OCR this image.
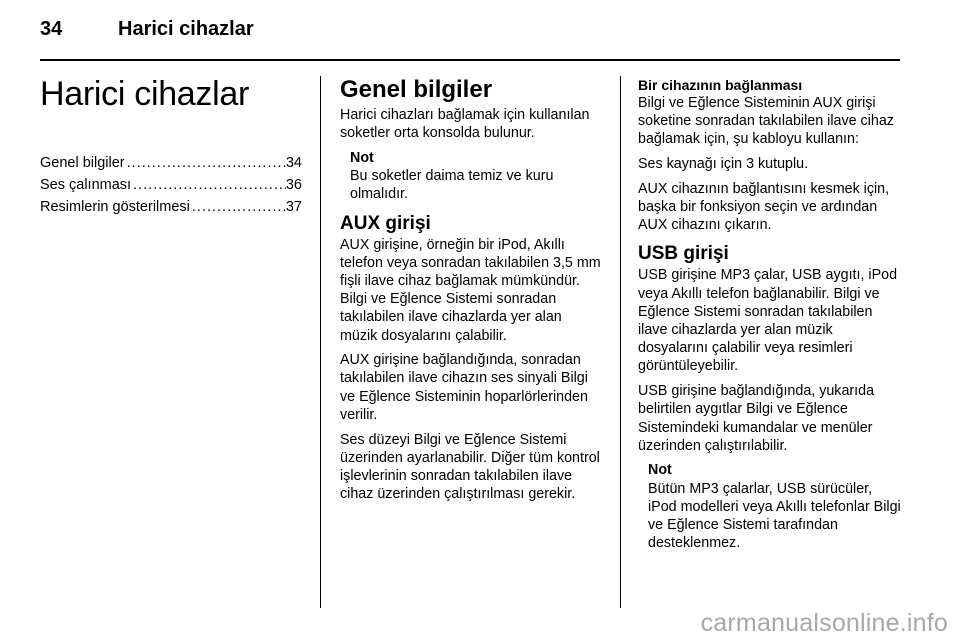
34	Harici cihazlar
Harici cihazlar
Genel bilgiler .....	34
Ses çalınması .....	36
Resimlerin gösterilmesi .....	37
Genel bilgiler

Harici cihazları bağlamak için kullanılan soketler orta konsolda bulunur.

Not
Bu soketler daima temiz ve kuru olmalıdır.
AUX girişi

AUX girişine, örneğin bir iPod, Akıllı telefon veya sonradan takılabilen 3,5 mm fişli ilave cihaz bağlamak mümkündür. Bilgi ve Eğlence Sistemi sonradan takılabilen ilave cihazlarda yer alan müzik dosyalarını çalabilir.

AUX girişine bağlandığında, sonradan takılabilen ilave cihazın ses sinyali Bilgi ve Eğlence Sisteminin hoparlörlerinden verilir.

Ses düzeyi Bilgi ve Eğlence Sistemi üzerinden ayarlanabilir. Diğer tüm kontrol işlevlerinin sonradan takılabilen ilave cihaz üzerinden çalıştırılması gerekir.

Bir cihazının bağlanması

Bilgi ve Eğlence Sisteminin AUX girişi soketine sonradan takılabilen ilave cihaz bağlamak için, şu kabloyu kullanın:

Ses kaynağı için 3 kutuplu.

AUX cihazının bağlantısını kesmek için, başka bir fonksiyon seçin ve ardından AUX cihazını çıkarın.

USB girişi

USB girişine MP3 çalar, USB aygıtı, iPod veya Akıllı telefon bağlanabilir. Bilgi ve Eğlence Sistemi sonradan takılabilen ilave cihazlarda yer alan müzik dosyalarını çalabilir veya resimleri görüntüleyebilir.

USB girişine bağlandığında, yukarıda belirtilen aygıtlar Bilgi ve Eğlence Sistemindeki kumandalar ve menüler üzerinden çalıştırılabilir.

Not
Bütün MP3 çalarlar, USB sürücüler, iPod modelleri veya Akıllı telefonlar Bilgi ve Eğlence Sistemi tarafından desteklenmez.
carmanualsonline.info
